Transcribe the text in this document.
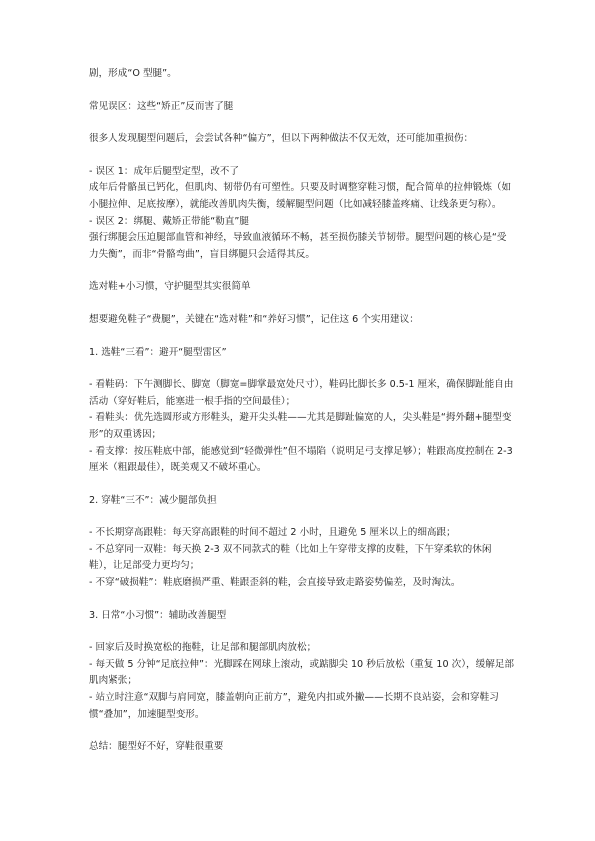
剧，形成“O 型腿”。

常见误区：这些“矫正”反而害了腿

很多人发现腿型问题后，会尝试各种“偏方”，但以下两种做法不仅无效，还可能加重损伤：

- 误区 1：成年后腿型定型，改不了

成年后骨骼虽已钙化，但肌肉、韧带仍有可塑性。只要及时调整穿鞋习惯，配合简单的拉伸锻炼（如小腿拉伸、足底按摩），就能改善肌肉失衡，缓解腿型问题（比如减轻膝盖疼痛、让线条更匀称）。

- 误区 2：绑腿、戴矫正带能“勒直”腿

强行绑腿会压迫腿部血管和神经，导致血液循环不畅，甚至损伤膝关节韧带。腿型问题的核心是“受力失衡”，而非“骨骼弯曲”，盲目绑腿只会适得其反。

选对鞋+小习惯，守护腿型其实很简单

想要避免鞋子“费腿”，关键在“选对鞋”和“养好习惯”，记住这 6 个实用建议：

1. 选鞋“三看”：避开“腿型雷区”

- 看鞋码：下午测脚长、脚宽（脚宽=脚掌最宽处尺寸），鞋码比脚长多 0.5-1 厘米，确保脚趾能自由活动（穿好鞋后，能塞进一根手指的空间最佳）；

- 看鞋头：优先选圆形或方形鞋头，避开尖头鞋——尤其是脚趾偏宽的人，尖头鞋是“拇外翻+腿型变形”的双重诱因；

- 看支撑：按压鞋底中部，能感觉到“轻微弹性”但不塌陷（说明足弓支撑足够）；鞋跟高度控制在 2-3 厘米（粗跟最佳），既美观又不破坏重心。

2. 穿鞋“三不”：减少腿部负担

- 不长期穿高跟鞋：每天穿高跟鞋的时间不超过 2 小时，且避免 5 厘米以上的细高跟；

- 不总穿同一双鞋：每天换 2-3 双不同款式的鞋（比如上午穿带支撑的皮鞋，下午穿柔软的休闲鞋），让足部受力更均匀；

- 不穿“破损鞋”：鞋底磨损严重、鞋跟歪斜的鞋，会直接导致走路姿势偏差，及时淘汰。

3. 日常“小习惯”：辅助改善腿型

- 回家后及时换宽松的拖鞋，让足部和腿部肌肉放松；

- 每天做 5 分钟“足底拉伸”：光脚踩在网球上滚动，或踮脚尖 10 秒后放松（重复 10 次），缓解足部肌肉紧张；

- 站立时注意“双脚与肩同宽，膝盖朝向正前方”，避免内扣或外撇——长期不良站姿，会和穿鞋习惯“叠加”，加速腿型变形。

总结：腿型好不好，穿鞋很重要
